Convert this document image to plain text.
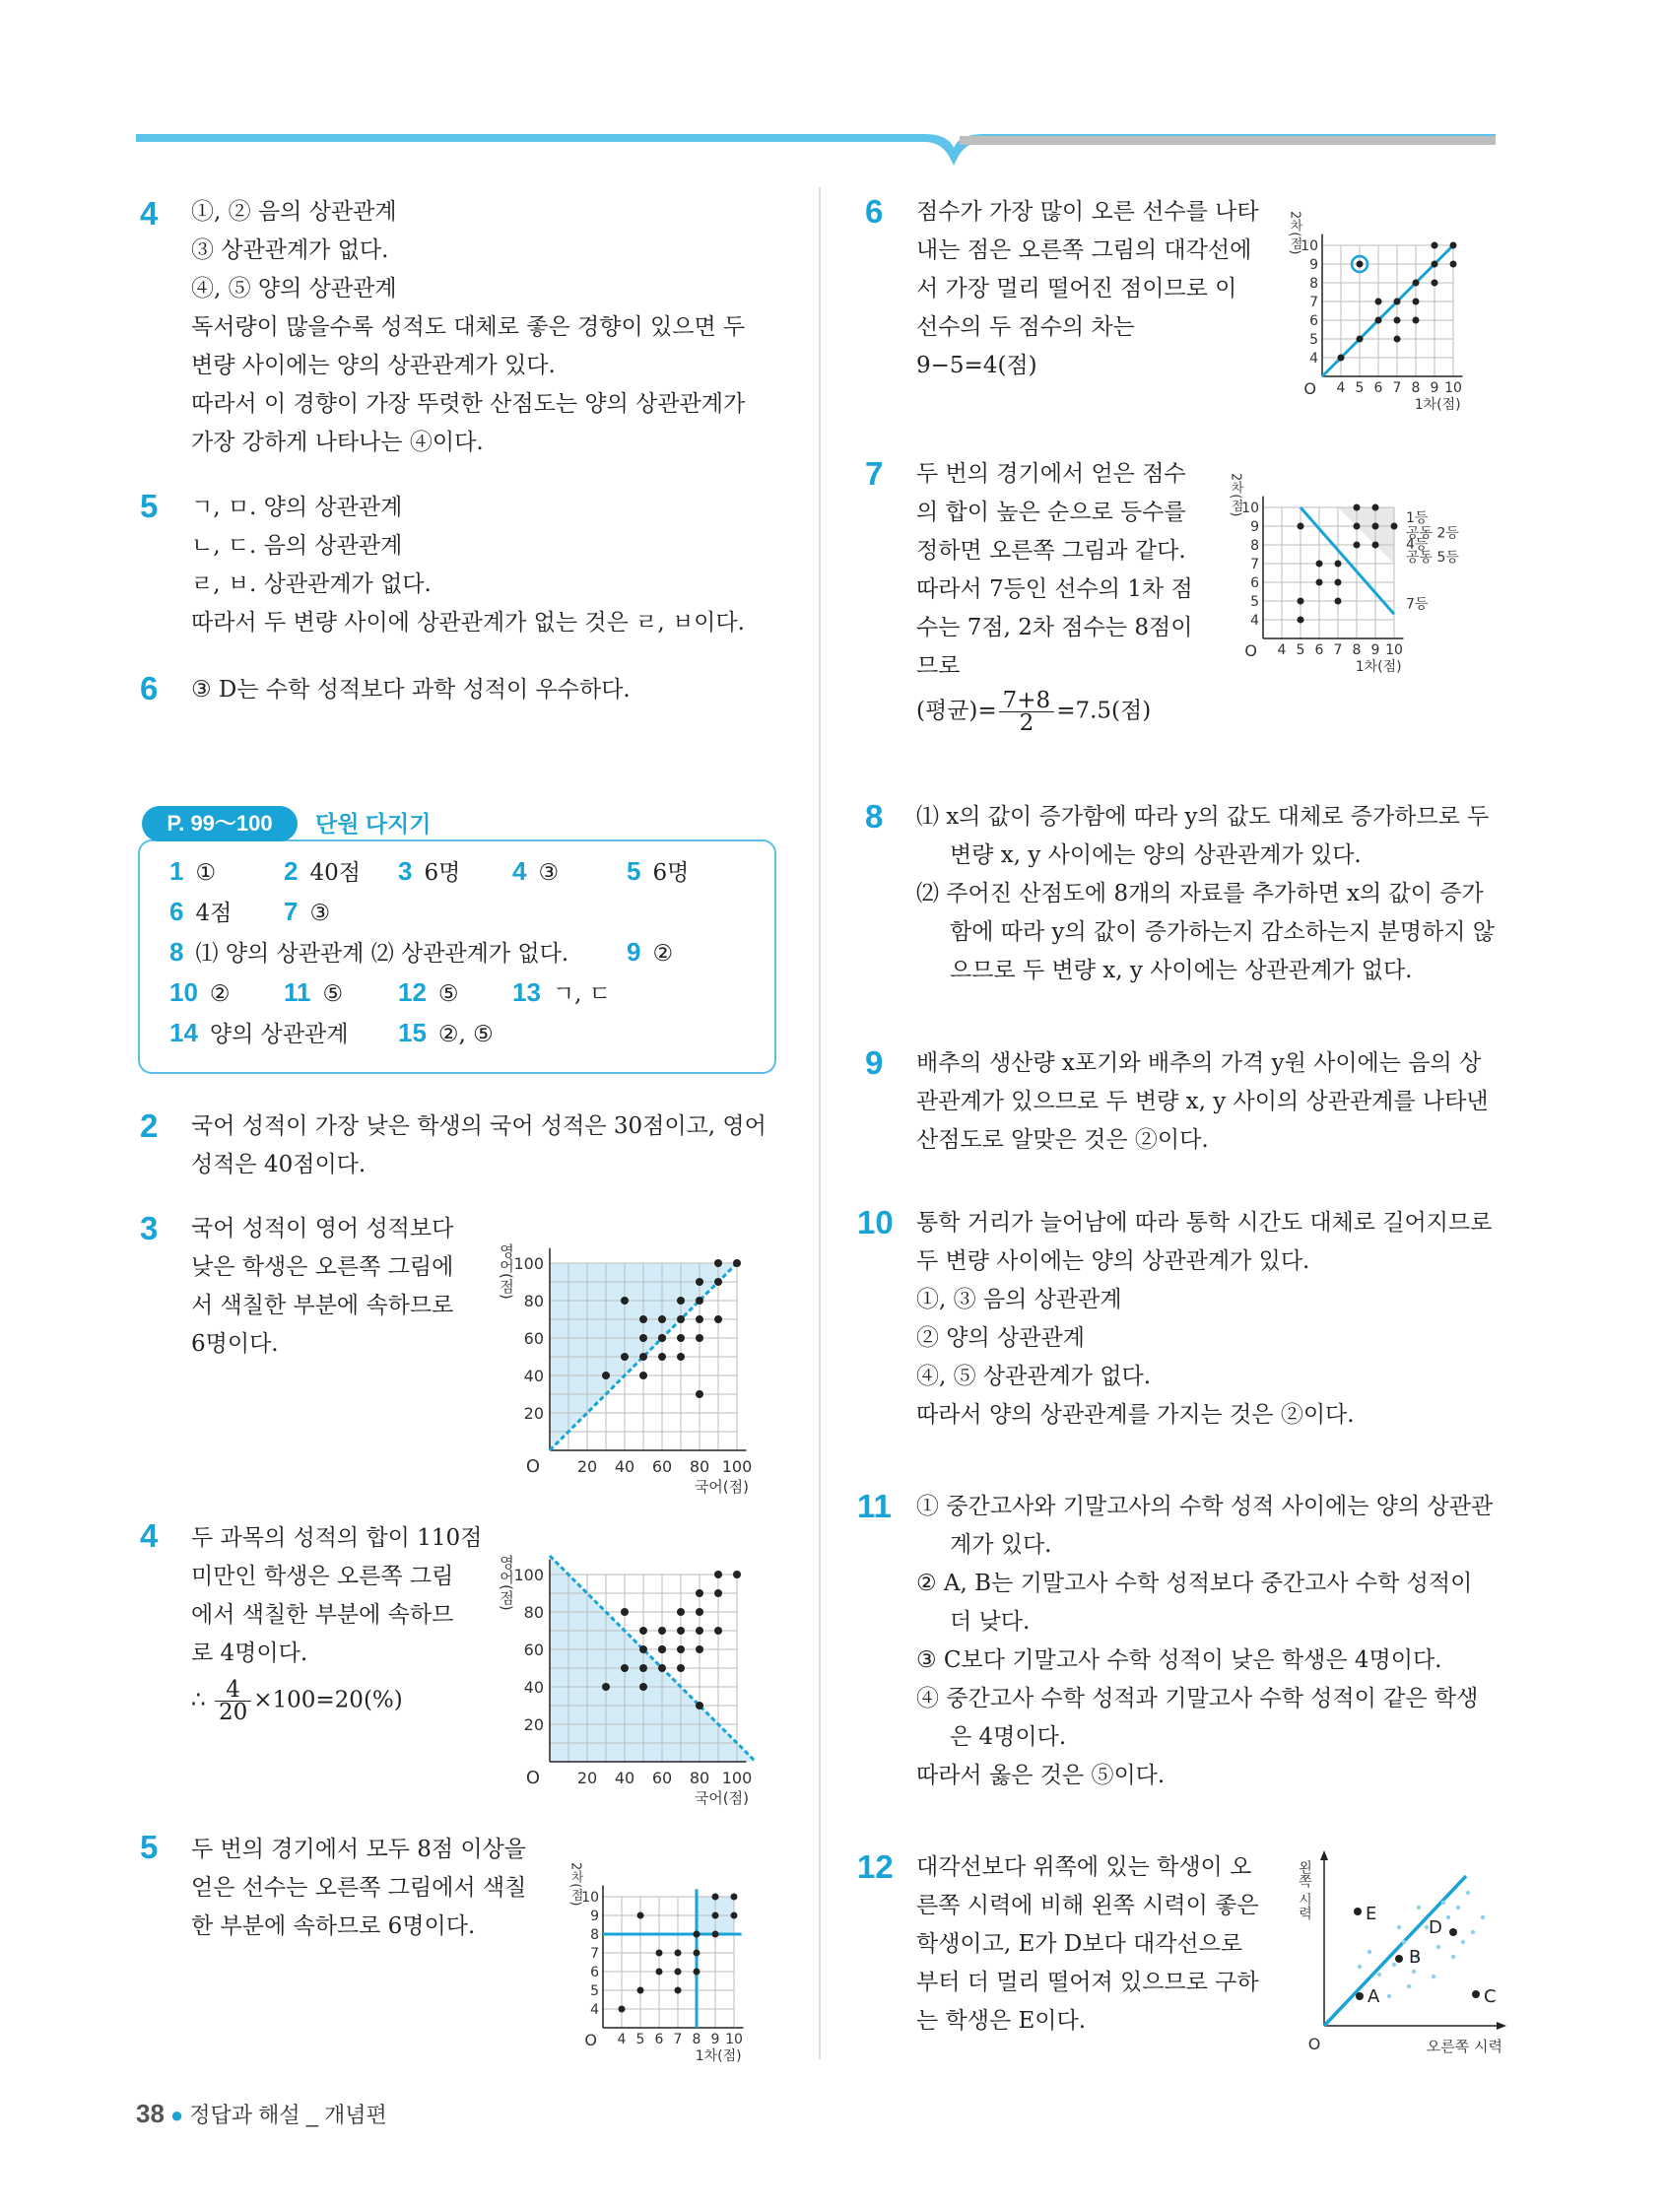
4 ①, ② 음의 상관관계
③ 상관관계가 없다.
④, ⑤ 양의 상관관계
독서량이 많을수록 성적도 대체로 좋은 경향이 있으면 두
변량 사이에는 양의 상관관계가 있다.
따라서 이 경향이 가장 뚜렷한 산점도는 양의 상관관계가
가장 강하게 나타나는 ④이다.
5 ㄱ, ㅁ. 양의 상관관계
ㄴ, ㄷ. 음의 상관관계
ㄹ, ㅂ. 상관관계가 없다.
따라서 두 변량 사이에 상관관계가 없는 것은 ㄹ, ㅂ이다.
6 ③ D는 수학 성적보다 과학 성적이 우수하다.
P. 99～100	단원 다지기
1 ①	2 40점 3 6명 4 ③	5 6명
6 4점 7 ③
8 ⑴ 양의 상관관계 ⑵ 상관관계가 없다. 9 ②
10 ② 11 ⑤ 12 ⑤ 13 ㄱ, ㄷ
14 양의 상관관계 15 ②, ⑤
2 국어 성적이 가장 낮은 학생의 국어 성적은 30점이고, 영어
성적은 40점이다.
3 국어 성적이 영어 성적보다
낮은 학생은 오른쪽 그림에
서 색칠한 부분에 속하므로
6명이다.
4 두 과목의 성적의 합이 110점
미만인 학생은 오른쪽 그림
에서 색칠한 부분에 속하므
로 4명이다.
∴ $\frac{4}{20} \times 100=20(\%)$
5 두 번의 경기에서 모두 8점 이상을
얻은 선수는 오른쪽 그림에서 색칠
한 부분에 속하므로 6명이다.
20 40 60 80 100
20
40
60
80
100
O
국어(점)
영어(점)
20 40 60 80 100
20
40
60
80
100
O
국어(점)
영어(점)
4 5 6 7 8 9 10
4
5
6
7
8
9
10
O
1차(점)
2차(점)
6 점수가 가장 많이 오른 선수를 나타
내는 점은 오른쪽 그림의 대각선에
서 가장 멀리 떨어진 점이므로 이
선수의 두 점수의 차는
9−5=4(점)
4 5 6 7 8 9 10
4
5
6
7
8
9
10
O
1차(점)
2차(점)
7 두 번의 경기에서 얻은 점수
의 합이 높은 순으로 등수를
정하면 오른쪽 그림과 같다.
따라서 7등인 선수의 1차 점
수는 7점, 2차 점수는 8점이
므로
(평균)= $\frac{7+8}{2} =7.5$(점)
4 5 6 7 8 9 10
4
5
6
7
8
9
10
O
1차(점)
2차(점)
1등
공동 2등
4등
공동 5등
7등
8 ⑴ x의 값이 증가함에 따라 y의 값도 대체로 증가하므로 두
변량 x, y 사이에는 양의 상관관계가 있다.
⑵ 주어진 산점도에 8개의 자료를 추가하면 x의 값이 증가
함에 따라 y의 값이 증가하는지 감소하는지 분명하지 않
으므로 두 변량 x, y 사이에는 상관관계가 없다.
9 배추의 생산량 x포기와 배추의 가격 y원 사이에는 음의 상
관관계가 있으므로 두 변량 x, y 사이의 상관관계를 나타낸
산점도로 알맞은 것은 ②이다.
10 통학 거리가 늘어남에 따라 통학 시간도 대체로 길어지므로
두 변량 사이에는 양의 상관관계가 있다.
①, ③ 음의 상관관계
② 양의 상관관계
④, ⑤ 상관관계가 없다.
따라서 양의 상관관계를 가지는 것은 ②이다.
11 ① 중간고사와 기말고사의 수학 성적 사이에는 양의 상관관
계가 있다.
② A, B는 기말고사 수학 성적보다 중간고사 수학 성적이
더 낮다.
③ C보다 기말고사 수학 성적이 낮은 학생은 4명이다.
④ 중간고사 수학 성적과 기말고사 수학 성적이 같은 학생
은 4명이다.
따라서 옳은 것은 ⑤이다.
12 대각선보다 위쪽에 있는 학생이 오
른쪽 시력에 비해 왼쪽 시력이 좋은
학생이고, E가 D보다 대각선으로
부터 더 멀리 떨어져 있으므로 구하
는 학생은 E이다.
A
B
C
D
E
O	오른쪽 시력
왼쪽 시력
38 ● 정답과 해설 _ 개념편
